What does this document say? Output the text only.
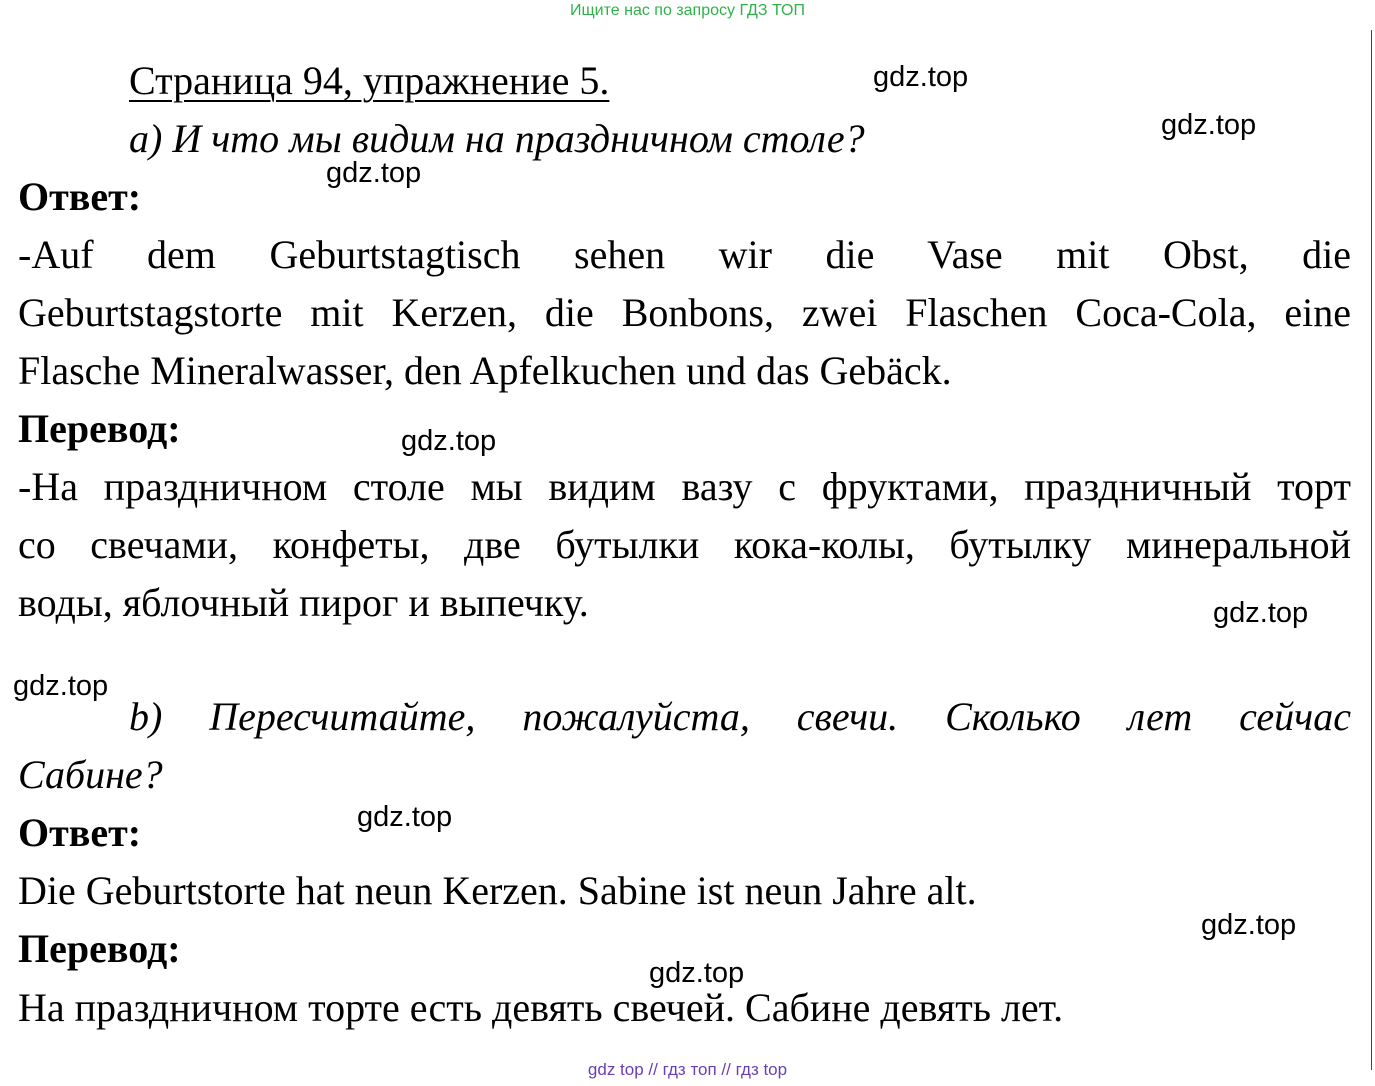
Ищите нас по запросу ГДЗ ТОП
Страница 94, упражнение 5.
a) И что мы видим на праздничном столе?
Ответ:
-Auf dem Geburtstagtisch sehen wir die Vase mit Obst, die
Geburtstagstorte mit Kerzen, die Bonbons, zwei Flaschen Coca-Cola, eine
Flasche Mineralwasser, den Apfelkuchen und das Gebäck.
Перевод:
-На праздничном столе мы видим вазу с фруктами, праздничный торт
со свечами, конфеты, две бутылки кока-колы, бутылку минеральной
воды, яблочный пирог и выпечку.
b) Пересчитайте, пожалуйста, свечи. Сколько лет сейчас
Сабине?
Ответ:
Die Geburtstorte hat neun Kerzen. Sabine ist neun Jahre alt.
Перевод:
На праздничном торте есть девять свечей. Сабине девять лет.
gdz.top
gdz.top
gdz.top
gdz.top
gdz.top
gdz.top
gdz.top
gdz.top
gdz.top
gdz top // гдз топ // гдз top
